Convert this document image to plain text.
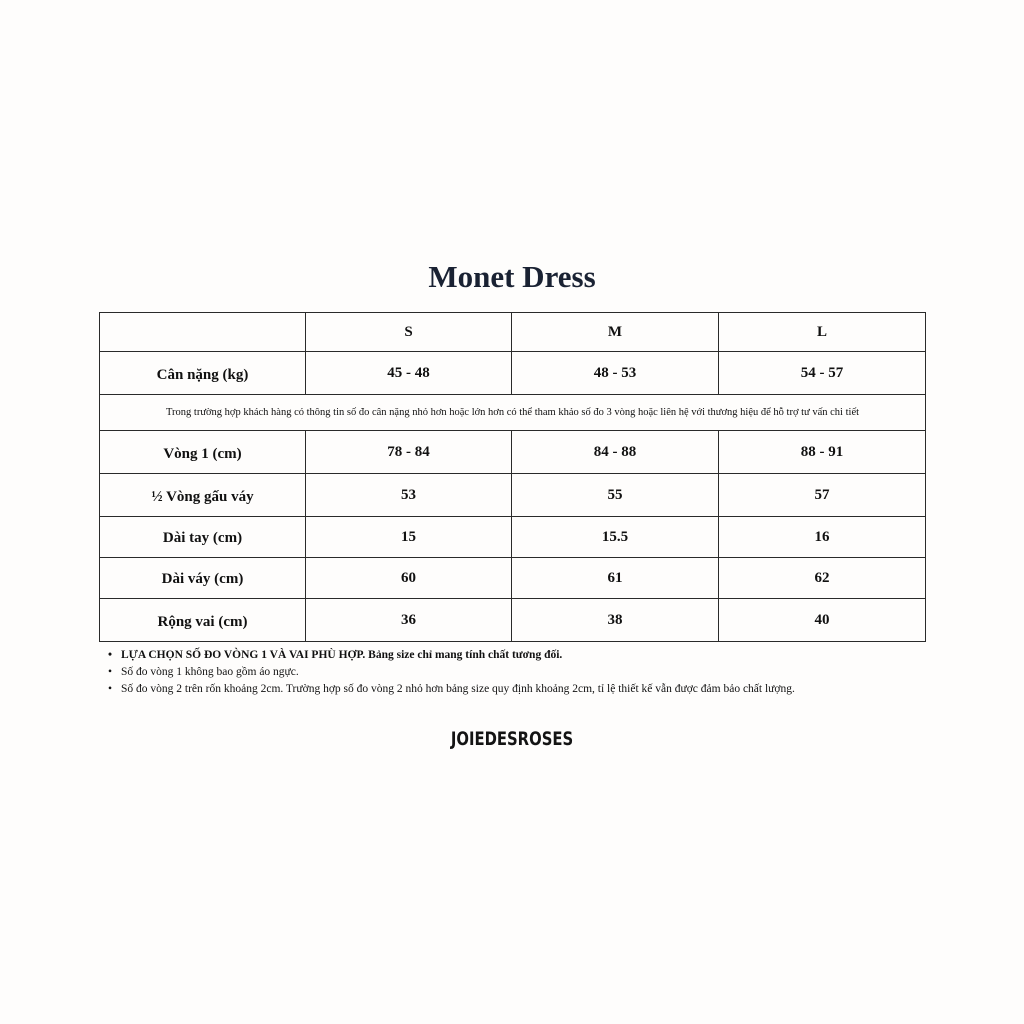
Monet Dress
	S	M	L
Cân nặng (kg)	45 - 48	48 - 53	54 - 57
Trong trường hợp khách hàng có thông tin số đo cân nặng nhỏ hơn hoặc lớn hơn có thể tham khảo số đo 3 vòng hoặc liên hệ với thương hiệu để hỗ trợ tư vấn chi tiết			
Vòng 1 (cm)	78 - 84	84 - 88	88 - 91
½ Vòng gấu váy	53	55	57
Dài tay (cm)	15	15.5	16
Dài váy (cm)	60	61	62
Rộng vai (cm)	36	38	40
• LỰA CHỌN SỐ ĐO VÒNG 1 VÀ VAI PHÙ HỢP. Bảng size chỉ mang tính chất tương đối.
• Số đo vòng 1 không bao gồm áo ngực.
• Số đo vòng 2 trên rốn khoảng 2cm. Trường hợp số đo vòng 2 nhỏ hơn bảng size quy định khoảng 2cm, tỉ lệ thiết kế vẫn được đảm bảo chất lượng.
JOIEDESROSES
